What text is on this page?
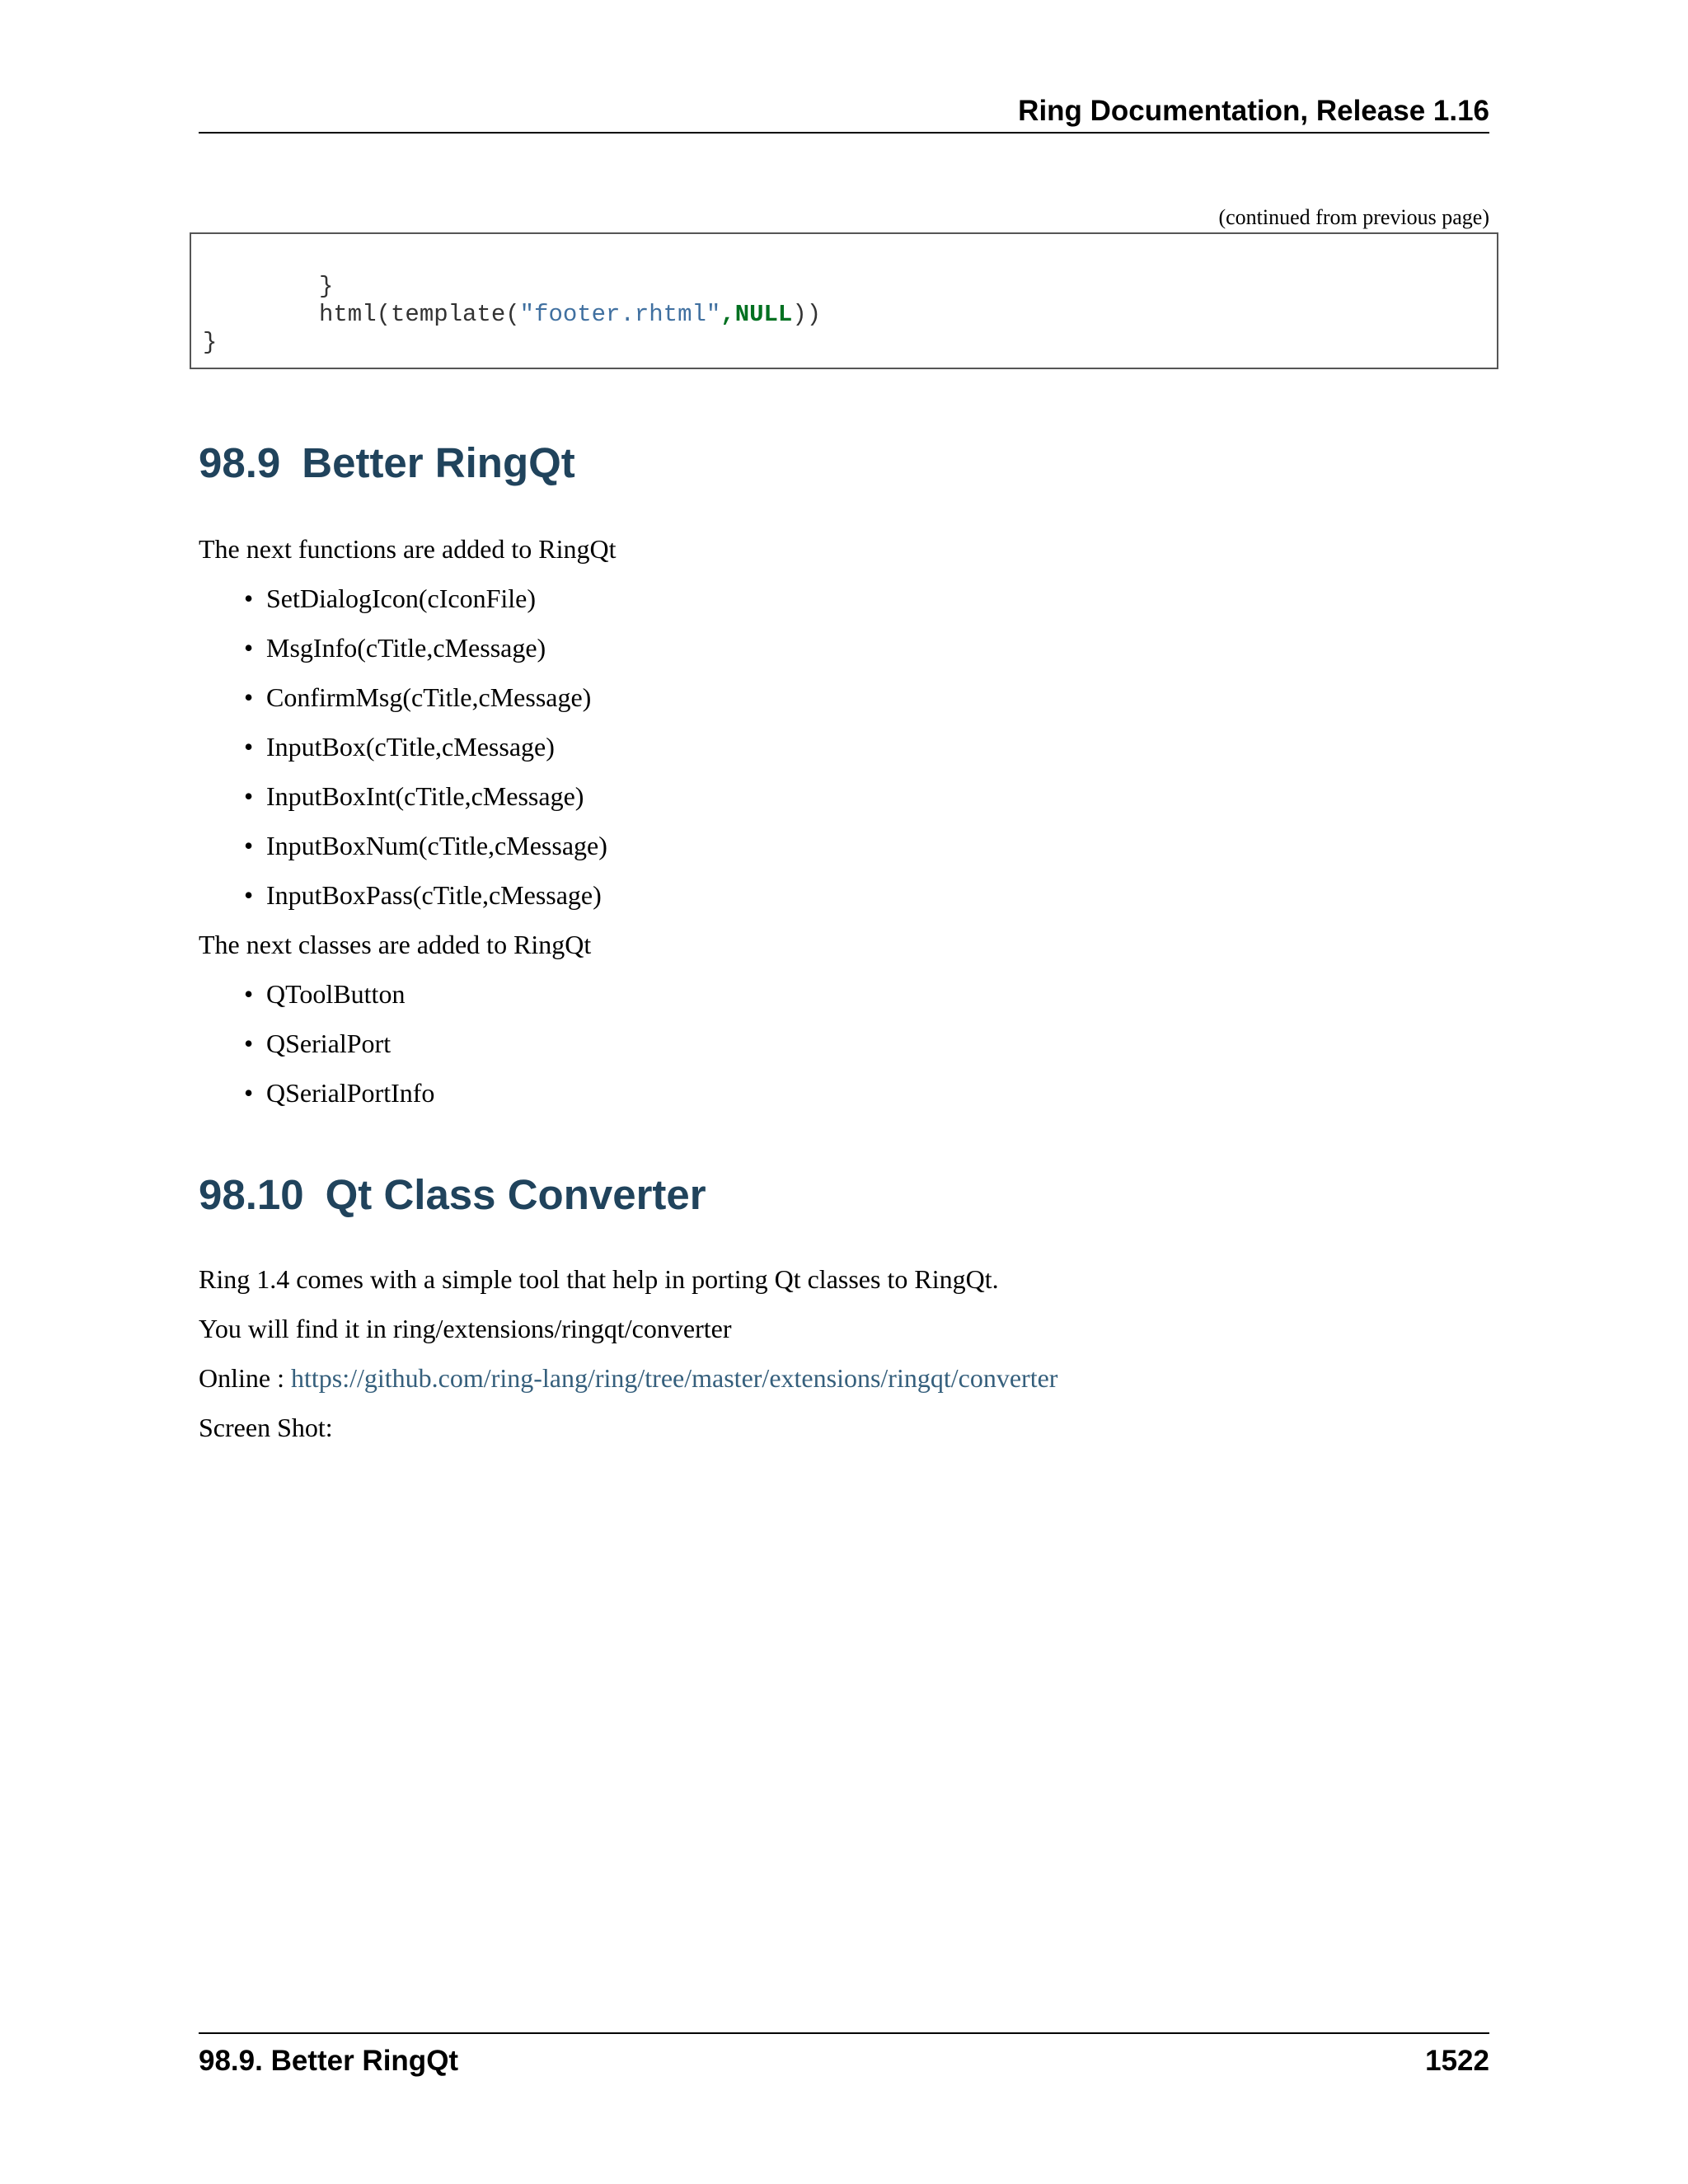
Ring Documentation, Release 1.16
(continued from previous page)
}
html(template("footer.rhtml",NULL))
}
98.9 Better RingQt

The next functions are added to RingQt

• SetDialogIcon(cIconFile)
• MsgInfo(cTitle,cMessage)
• ConfirmMsg(cTitle,cMessage)
• InputBox(cTitle,cMessage)
• InputBoxInt(cTitle,cMessage)
• InputBoxNum(cTitle,cMessage)
• InputBoxPass(cTitle,cMessage)

The next classes are added to RingQt

• QToolButton
• QSerialPort
• QSerialPortInfo
98.10 Qt Class Converter

Ring 1.4 comes with a simple tool that help in porting Qt classes to RingQt.

You will find it in ring/extensions/ringqt/converter

Online : https://github.com/ring-lang/ring/tree/master/extensions/ringqt/converter

Screen Shot:

98.9. Better RingQt	1522
